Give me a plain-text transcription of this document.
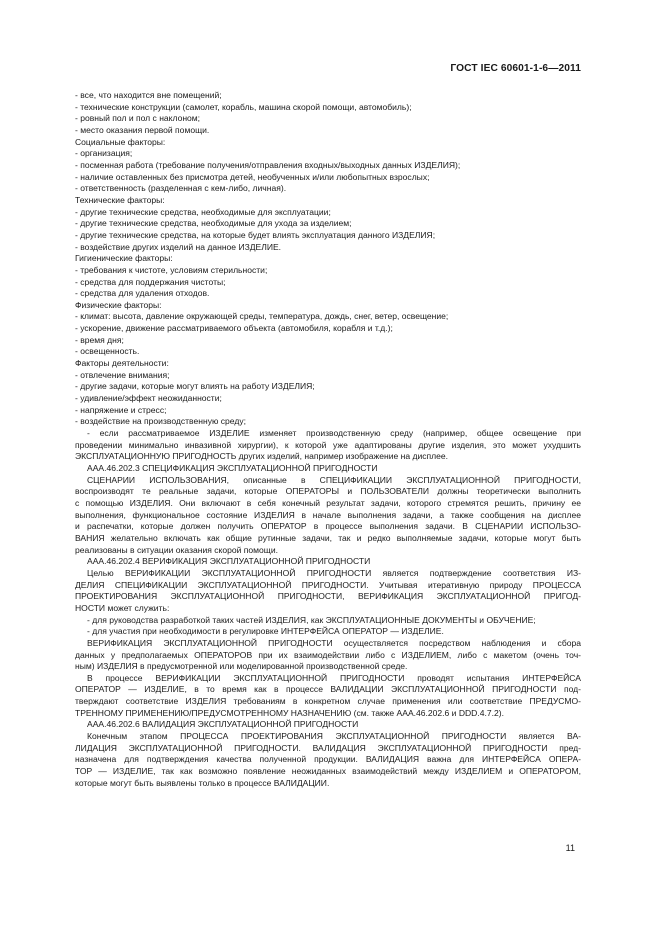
ГОСТ IEC 60601-1-6—2011
- все, что находится вне помещений;
- технические конструкции (самолет, корабль, машина скорой помощи, автомобиль);
- ровный пол и пол с наклоном;
- место оказания первой помощи.
Социальные факторы:
- организация;
- посменная работа (требование получения/отправления входных/выходных данных ИЗДЕЛИЯ);
- наличие оставленных без присмотра детей, необученных и/или любопытных взрослых;
- ответственность (разделенная с кем-либо, личная).
Технические факторы:
- другие технические средства, необходимые для эксплуатации;
- другие технические средства, необходимые для ухода за изделием;
- другие технические средства, на которые будет влиять эксплуатация данного ИЗДЕЛИЯ;
- воздействие других изделий на данное ИЗДЕЛИЕ.
Гигиенические факторы:
- требования к чистоте, условиям стерильности;
- средства для поддержания чистоты;
- средства для удаления отходов.
Физические факторы:
- климат: высота, давление окружающей среды, температура, дождь, снег, ветер, освещение;
- ускорение, движение рассматриваемого объекта (автомобиля, корабля и т.д.);
- время дня;
- освещенность.
Факторы деятельности:
- отвлечение внимания;
- другие задачи, которые могут влиять на работу ИЗДЕЛИЯ;
- удивление/эффект неожиданности;
- напряжение и стресс;
- воздействие на производственную среду;
- если рассматриваемое ИЗДЕЛИЕ изменяет производственную среду (например, общее освещение при
проведении минимально инвазивной хирургии), к которой уже адаптированы другие изделия, это может ухудшить
ЭКСПЛУАТАЦИОННУЮ ПРИГОДНОСТЬ других изделий, например изображение на дисплее.
ААА.46.202.3 СПЕЦИФИКАЦИЯ ЭКСПЛУАТАЦИОННОЙ ПРИГОДНОСТИ
СЦЕНАРИИ ИСПОЛЬЗОВАНИЯ, описанные в СПЕЦИФИКАЦИИ ЭКСПЛУАТАЦИОННОЙ ПРИГОДНОСТИ,
воспроизводят те реальные задачи, которые ОПЕРАТОРЫ и ПОЛЬЗОВАТЕЛИ должны теоретически выполнить
с помощью ИЗДЕЛИЯ. Они включают в себя конечный результат задачи, которого стремятся решить, причину ее
выполнения, функциональное состояние ИЗДЕЛИЯ в начале выполнения задачи, а также сообщения на дисплее
и распечатки, которые должен получить ОПЕРАТОР в процессе выполнения задачи. В СЦЕНАРИИ ИСПОЛЬЗО-
ВАНИЯ желательно включать как общие рутинные задачи, так и редко выполняемые задачи, которые могут быть
реализованы в ситуации оказания скорой помощи.
ААА.46.202.4 ВЕРИФИКАЦИЯ ЭКСПЛУАТАЦИОННОЙ ПРИГОДНОСТИ
Целью ВЕРИФИКАЦИИ ЭКСПЛУАТАЦИОННОЙ ПРИГОДНОСТИ является подтверждение соответствия ИЗ-
ДЕЛИЯ СПЕЦИФИКАЦИИ ЭКСПЛУАТАЦИОННОЙ ПРИГОДНОСТИ. Учитывая итеративную природу ПРОЦЕССА
ПРОЕКТИРОВАНИЯ ЭКСПЛУАТАЦИОННОЙ ПРИГОДНОСТИ, ВЕРИФИКАЦИЯ ЭКСПЛУАТАЦИОННОЙ ПРИГОД-
НОСТИ может служить:
- для руководства разработкой таких частей ИЗДЕЛИЯ, как ЭКСПЛУАТАЦИОННЫЕ ДОКУМЕНТЫ и ОБУЧЕНИЕ;
- для участия при необходимости в регулировке ИНТЕРФЕЙСА ОПЕРАТОР — ИЗДЕЛИЕ.
ВЕРИФИКАЦИЯ ЭКСПЛУАТАЦИОННОЙ ПРИГОДНОСТИ осуществляется посредством наблюдения и сбора
данных у предполагаемых ОПЕРАТОРОВ при их взаимодействии либо с ИЗДЕЛИЕМ, либо с макетом (очень точ-
ным) ИЗДЕЛИЯ в предусмотренной или моделированной производственной среде.
В процессе ВЕРИФИКАЦИИ ЭКСПЛУАТАЦИОННОЙ ПРИГОДНОСТИ проводят испытания ИНТЕРФЕЙСА
ОПЕРАТОР — ИЗДЕЛИЕ, в то время как в процессе ВАЛИДАЦИИ ЭКСПЛУАТАЦИОННОЙ ПРИГОДНОСТИ под-
тверждают соответствие ИЗДЕЛИЯ требованиям в конкретном случае применения или соответствие ПРЕДУСМО-
ТРЕННОМУ ПРИМЕНЕНИЮ/ПРЕДУСМОТРЕННОМУ НАЗНАЧЕНИЮ (см. также ААА.46.202.6 и DDD.4.7.2).
ААА.46.202.6 ВАЛИДАЦИЯ ЭКСПЛУАТАЦИОННОЙ ПРИГОДНОСТИ
Конечным этапом ПРОЦЕССА ПРОЕКТИРОВАНИЯ ЭКСПЛУАТАЦИОННОЙ ПРИГОДНОСТИ является ВА-
ЛИДАЦИЯ ЭКСПЛУАТАЦИОННОЙ ПРИГОДНОСТИ. ВАЛИДАЦИЯ ЭКСПЛУАТАЦИОННОЙ ПРИГОДНОСТИ пред-
назначена для подтверждения качества полученной продукции. ВАЛИДАЦИЯ важна для ИНТЕРФЕЙСА ОПЕРА-
ТОР — ИЗДЕЛИЕ, так как возможно появление неожиданных взаимодействий между ИЗДЕЛИЕМ и ОПЕРАТОРОМ,
которые могут быть выявлены только в процессе ВАЛИДАЦИИ.
11
